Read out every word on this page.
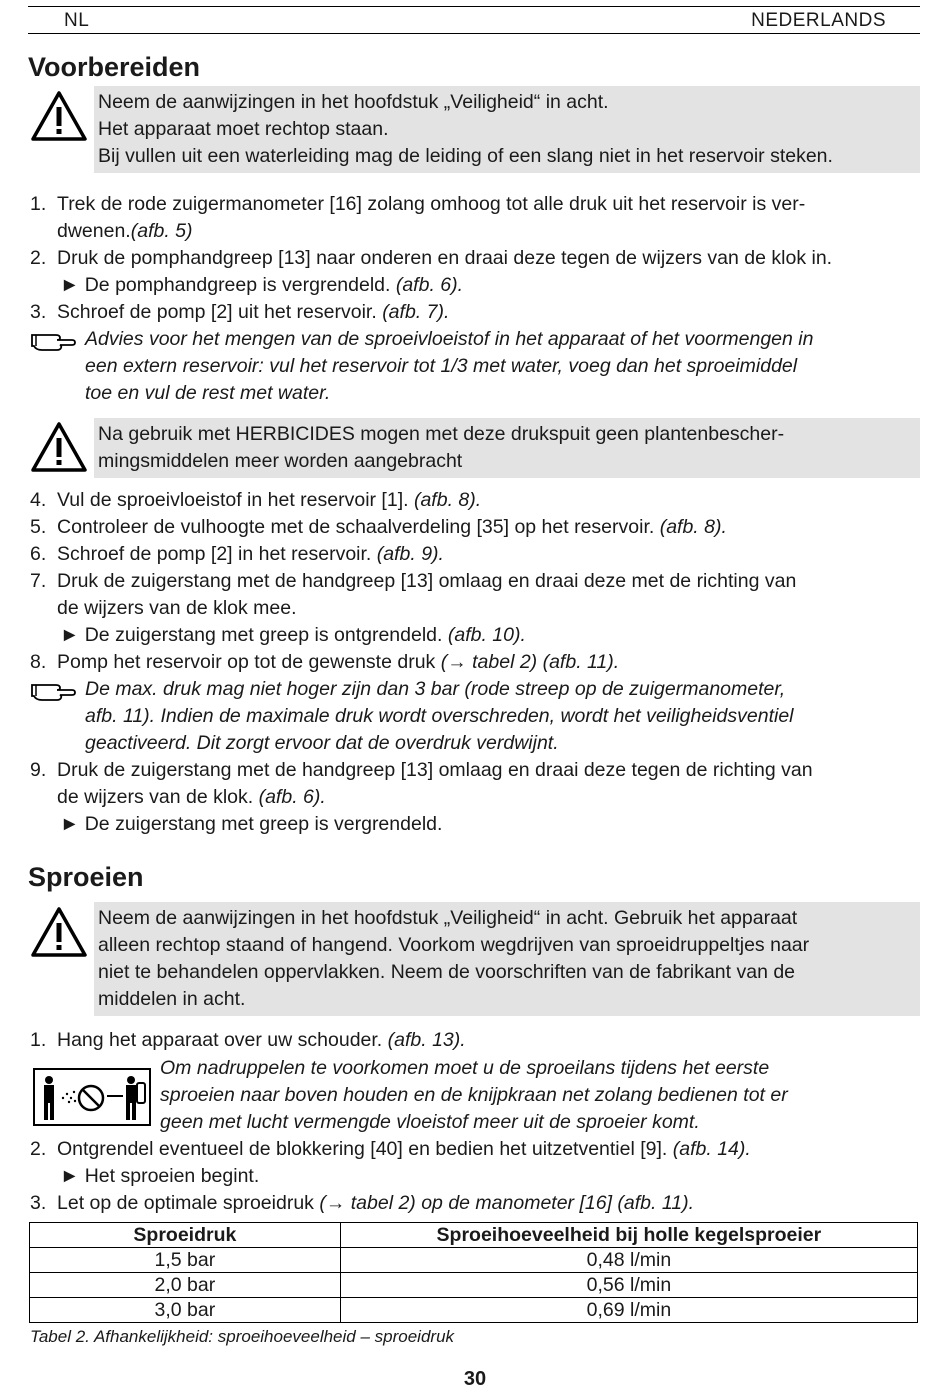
NL	NEDERLANDS
Voorbereiden
Neem de aanwijzingen in het hoofdstuk „Veiligheid“ in acht.
Het apparaat moet rechtop staan.
Bij vullen uit een waterleiding mag de leiding of een slang niet in het reservoir steken.
1. Trek de rode zuigermanometer [16] zolang omhoog tot alle druk uit het reservoir is ver-
dwenen.(afb. 5)
2. Druk de pomphandgreep [13] naar onderen en draai deze tegen de wijzers van de klok in.
► De pomphandgreep is vergrendeld. (afb. 6).
3. Schroef de pomp [2] uit het reservoir. (afb. 7).
Advies voor het mengen van de sproeivloeistof in het apparaat of het voormengen in
een extern reservoir: vul het reservoir tot 1/3 met water, voeg dan het sproeimiddel
toe en vul de rest met water.
Na gebruik met HERBICIDES mogen met deze drukspuit geen plantenbescher-
mingsmiddelen meer worden aangebracht
4. Vul de sproeivloeistof in het reservoir [1]. (afb. 8).
5. Controleer de vulhoogte met de schaalverdeling [35] op het reservoir. (afb. 8).
6. Schroef de pomp [2] in het reservoir. (afb. 9).
7. Druk de zuigerstang met de handgreep [13] omlaag en draai deze met de richting van
de wijzers van de klok mee.
► De zuigerstang met greep is ontgrendeld. (afb. 10).
8. Pomp het reservoir op tot de gewenste druk (→ tabel 2) (afb. 11).
De max. druk mag niet hoger zijn dan 3 bar (rode streep op de zuigermanometer,
afb. 11). Indien de maximale druk wordt overschreden, wordt het veiligheidsventiel
geactiveerd. Dit zorgt ervoor dat de overdruk verdwijnt.
9. Druk de zuigerstang met de handgreep [13] omlaag en draai deze tegen de richting van
de wijzers van de klok. (afb. 6).
► De zuigerstang met greep is vergrendeld.
Sproeien
Neem de aanwijzingen in het hoofdstuk „Veiligheid“ in acht. Gebruik het apparaat
alleen rechtop staand of hangend. Voorkom wegdrijven van sproeidruppeltjes naar
niet te behandelen oppervlakken. Neem de voorschriften van de fabrikant van de
middelen in acht.
1. Hang het apparaat over uw schouder. (afb. 13).
Om nadruppelen te voorkomen moet u de sproeilans tijdens het eerste
sproeien naar boven houden en de knijpkraan net zolang bedienen tot er
geen met lucht vermengde vloeistof meer uit de sproeier komt.
2. Ontgrendel eventueel de blokkering [40] en bedien het uitzetventiel [9]. (afb. 14).
► Het sproeien begint.
3. Let op de optimale sproeidruk (→ tabel 2) op de manometer [16] (afb. 11).
Sproeidruk	Sproeihoeveelheid bij holle kegelsproeier
1,5 bar	0,48 l/min
2,0 bar	0,56 l/min
3,0 bar	0,69 l/min
Tabel 2. Afhankelijkheid: sproeihoeveelheid – sproeidruk
30
